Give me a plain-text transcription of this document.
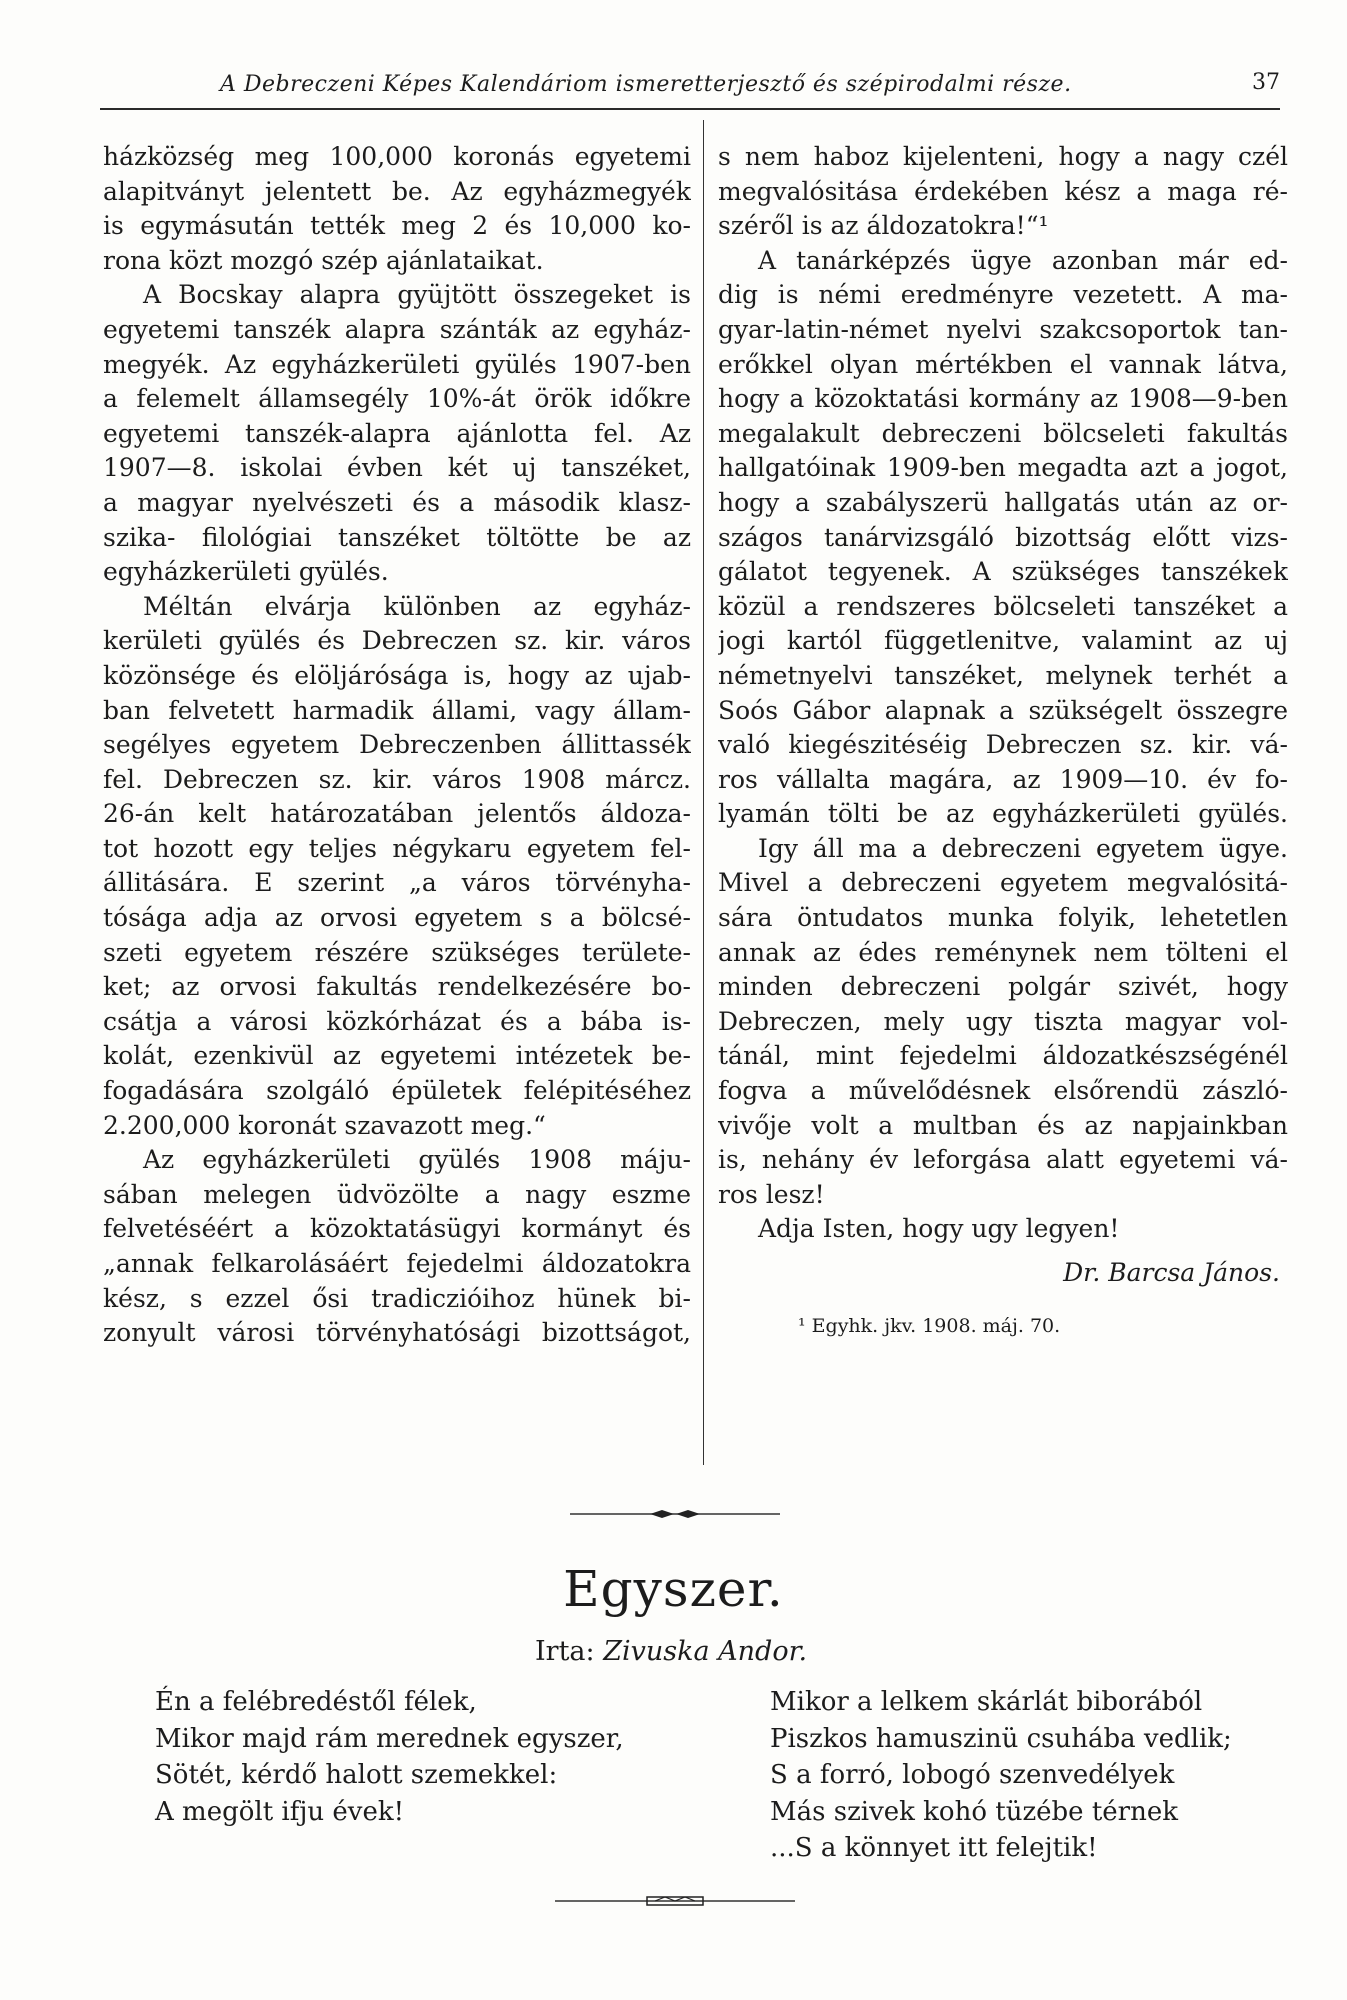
A Debreczeni Képes Kalendáriom ismeretterjesztő és szépirodalmi része.	37
házközség meg 100,000 koronás egyetemi
alapitványt jelentett be. Az egyházmegyék
is egymásután tették meg 2 és 10,000 ko-
rona közt mozgó szép ajánlataikat.
A Bocskay alapra gyüjtött összegeket is
egyetemi tanszék alapra szánták az egyház-
megyék. Az egyházkerületi gyülés 1907-ben
a felemelt államsegély 10%-át örök időkre
egyetemi tanszék-alapra ajánlotta fel. Az
1907—8. iskolai évben két uj tanszéket,
a magyar nyelvészeti és a második klasz-
szika- filológiai tanszéket töltötte be az
egyházkerületi gyülés.
Méltán elvárja különben az egyház-
kerületi gyülés és Debreczen sz. kir. város
közönsége és elöljárósága is, hogy az ujab-
ban felvetett harmadik állami, vagy állam-
segélyes egyetem Debreczenben állittassék
fel. Debreczen sz. kir. város 1908 márcz.
26-án kelt határozatában jelentős áldoza-
tot hozott egy teljes négykaru egyetem fel-
állitására. E szerint „a város törvényha-
tósága adja az orvosi egyetem s a bölcsé-
szeti egyetem részére szükséges területe-
ket; az orvosi fakultás rendelkezésére bo-
csátja a városi közkórházat és a bába is-
kolát, ezenkivül az egyetemi intézetek be-
fogadására szolgáló épületek felépitéséhez
2.200,000 koronát szavazott meg.“
Az egyházkerületi gyülés 1908 máju-
sában melegen üdvözölte a nagy eszme
felvetéséért a közoktatásügyi kormányt és
„annak felkarolásáért fejedelmi áldozatokra
kész, s ezzel ősi tradiczióihoz hünek bi-
zonyult városi törvényhatósági bizottságot,
s nem haboz kijelenteni, hogy a nagy czél
megvalósitása érdekében kész a maga ré-
széről is az áldozatokra!“¹
A tanárképzés ügye azonban már ed-
dig is némi eredményre vezetett. A ma-
gyar-latin-német nyelvi szakcsoportok tan-
erőkkel olyan mértékben el vannak látva,
hogy a közoktatási kormány az 1908—9-ben
megalakult debreczeni bölcseleti fakultás
hallgatóinak 1909-ben megadta azt a jogot,
hogy a szabályszerü hallgatás után az or-
szágos tanárvizsgáló bizottság előtt vizs-
gálatot tegyenek. A szükséges tanszékek
közül a rendszeres bölcseleti tanszéket a
jogi kartól függetlenitve, valamint az uj
németnyelvi tanszéket, melynek terhét a
Soós Gábor alapnak a szükségelt összegre
való kiegészitéséig Debreczen sz. kir. vá-
ros vállalta magára, az 1909—10. év fo-
lyamán tölti be az egyházkerületi gyülés.
Igy áll ma a debreczeni egyetem ügye.
Mivel a debreczeni egyetem megvalósitá-
sára öntudatos munka folyik, lehetetlen
annak az édes reménynek nem tölteni el
minden debreczeni polgár szivét, hogy
Debreczen, mely ugy tiszta magyar vol-
tánál, mint fejedelmi áldozatkészségénél
fogva a művelődésnek elsőrendü zászló-
vivője volt a multban és az napjainkban
is, nehány év leforgása alatt egyetemi vá-
ros lesz!
Adja Isten, hogy ugy legyen!
Dr. Barcsa János.
¹ Egyhk. jkv. 1908. máj. 70.
Egyszer.
Irta: Zivuska Andor.
Én a felébredéstől félek,
Mikor majd rám merednek egyszer,
Sötét, kérdő halott szemekkel:
A megölt ifju évek!
Mikor a lelkem skárlát biborából
Piszkos hamuszinü csuhába vedlik;
S a forró, lobogó szenvedélyek
Más szivek kohó tüzébe térnek
...S a könnyet itt felejtik!
